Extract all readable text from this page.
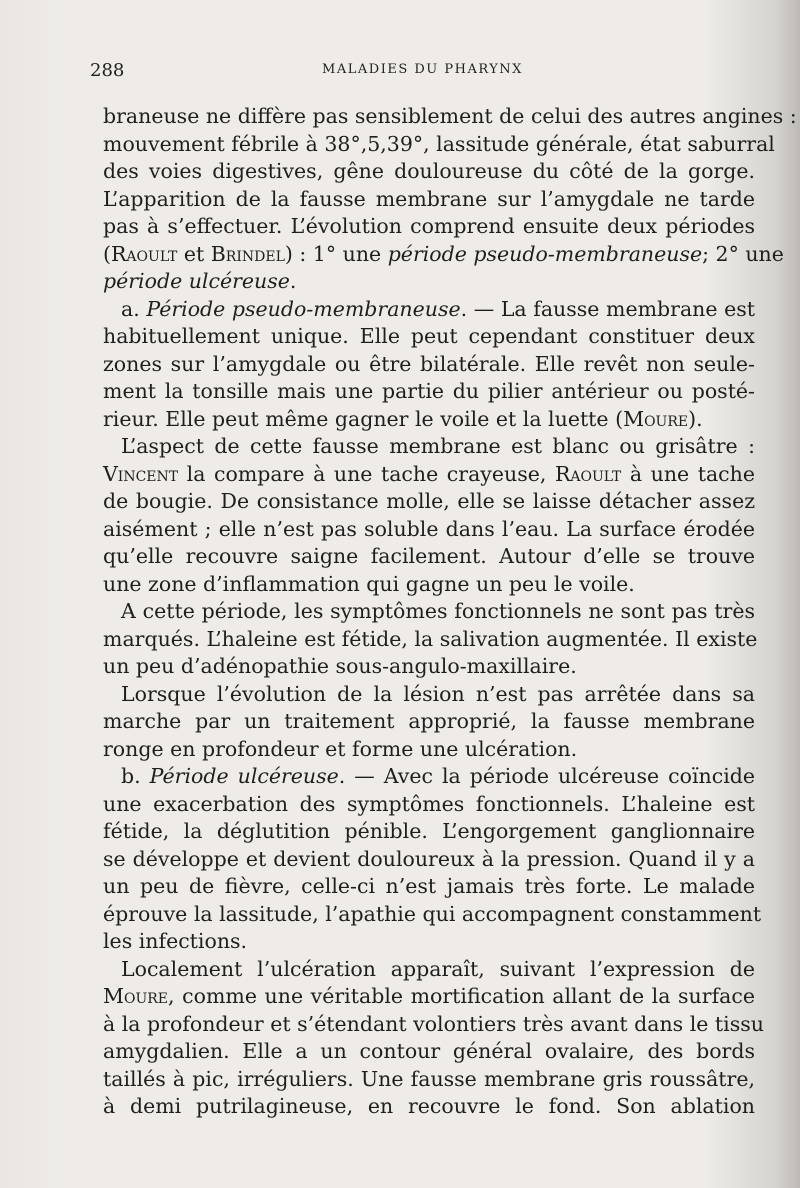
288	MALADIES DU PHARYNX
braneuse ne diffère pas sensiblement de celui des autres angines :
mouvement fébrile à 38°,5,39°, lassitude générale, état saburral
des voies digestives, gêne douloureuse du côté de la gorge.
L’apparition de la fausse membrane sur l’amygdale ne tarde
pas à s’effectuer. L’évolution comprend ensuite deux périodes
(Raoult et Brindel) : 1° une période pseudo-membraneuse; 2° une
période ulcéreuse.
a. Période pseudo-membraneuse. — La fausse membrane est
habituellement unique. Elle peut cependant constituer deux
zones sur l’amygdale ou être bilatérale. Elle revêt non seule-
ment la tonsille mais une partie du pilier antérieur ou posté-
rieur. Elle peut même gagner le voile et la luette (Moure).
L’aspect de cette fausse membrane est blanc ou grisâtre :
Vincent la compare à une tache crayeuse, Raoult à une tache
de bougie. De consistance molle, elle se laisse détacher assez
aisément ; elle n’est pas soluble dans l’eau. La surface érodée
qu’elle recouvre saigne facilement. Autour d’elle se trouve
une zone d’inflammation qui gagne un peu le voile.
A cette période, les symptômes fonctionnels ne sont pas très
marqués. L’haleine est fétide, la salivation augmentée. Il existe
un peu d’adénopathie sous-angulo-maxillaire.
Lorsque l’évolution de la lésion n’est pas arrêtée dans sa
marche par un traitement approprié, la fausse membrane
ronge en profondeur et forme une ulcération.
b. Période ulcéreuse. — Avec la période ulcéreuse coïncide
une exacerbation des symptômes fonctionnels. L’haleine est
fétide, la déglutition pénible. L’engorgement ganglionnaire
se développe et devient douloureux à la pression. Quand il y a
un peu de fièvre, celle-ci n’est jamais très forte. Le malade
éprouve la lassitude, l’apathie qui accompagnent constamment
les infections.
Localement l’ulcération apparaît, suivant l’expression de
Moure, comme une véritable mortification allant de la surface
à la profondeur et s’étendant volontiers très avant dans le tissu
amygdalien. Elle a un contour général ovalaire, des bords
taillés à pic, irréguliers. Une fausse membrane gris roussâtre,
à demi putrilagineuse, en recouvre le fond. Son ablation
